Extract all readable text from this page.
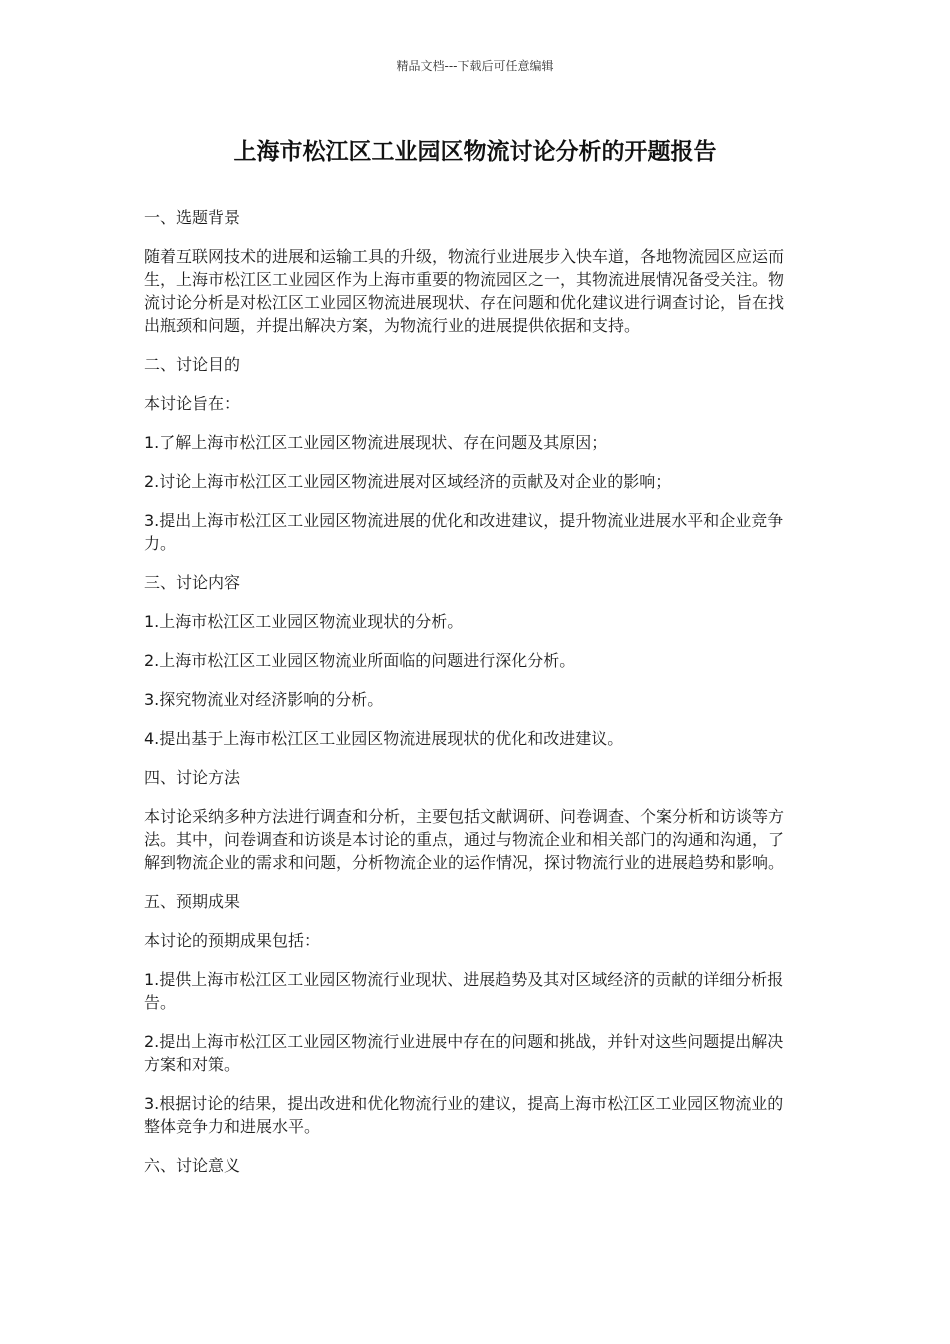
精品文档---下载后可任意编辑
上海市松江区工业园区物流讨论分析的开题报告

一、选题背景

随着互联网技术的进展和运输工具的升级，物流行业进展步入快车道，各地物流园区应运而生，上海市松江区工业园区作为上海市重要的物流园区之一，其物流进展情况备受关注。物流讨论分析是对松江区工业园区物流进展现状、存在问题和优化建议进行调查讨论，旨在找出瓶颈和问题，并提出解决方案，为物流行业的进展提供依据和支持。

二、讨论目的

本讨论旨在：

1.了解上海市松江区工业园区物流进展现状、存在问题及其原因；

2.讨论上海市松江区工业园区物流进展对区域经济的贡献及对企业的影响；

3.提出上海市松江区工业园区物流进展的优化和改进建议，提升物流业进展水平和企业竞争力。

三、讨论内容

1.上海市松江区工业园区物流业现状的分析。

2.上海市松江区工业园区物流业所面临的问题进行深化分析。

3.探究物流业对经济影响的分析。

4.提出基于上海市松江区工业园区物流进展现状的优化和改进建议。

四、讨论方法

本讨论采纳多种方法进行调查和分析，主要包括文献调研、问卷调查、个案分析和访谈等方法。其中，问卷调查和访谈是本讨论的重点，通过与物流企业和相关部门的沟通和沟通，了解到物流企业的需求和问题，分析物流企业的运作情况，探讨物流行业的进展趋势和影响。

五、预期成果

本讨论的预期成果包括：

1.提供上海市松江区工业园区物流行业现状、进展趋势及其对区域经济的贡献的详细分析报告。

2.提出上海市松江区工业园区物流行业进展中存在的问题和挑战，并针对这些问题提出解决方案和对策。

3.根据讨论的结果，提出改进和优化物流行业的建议，提高上海市松江区工业园区物流业的整体竞争力和进展水平。

六、讨论意义
